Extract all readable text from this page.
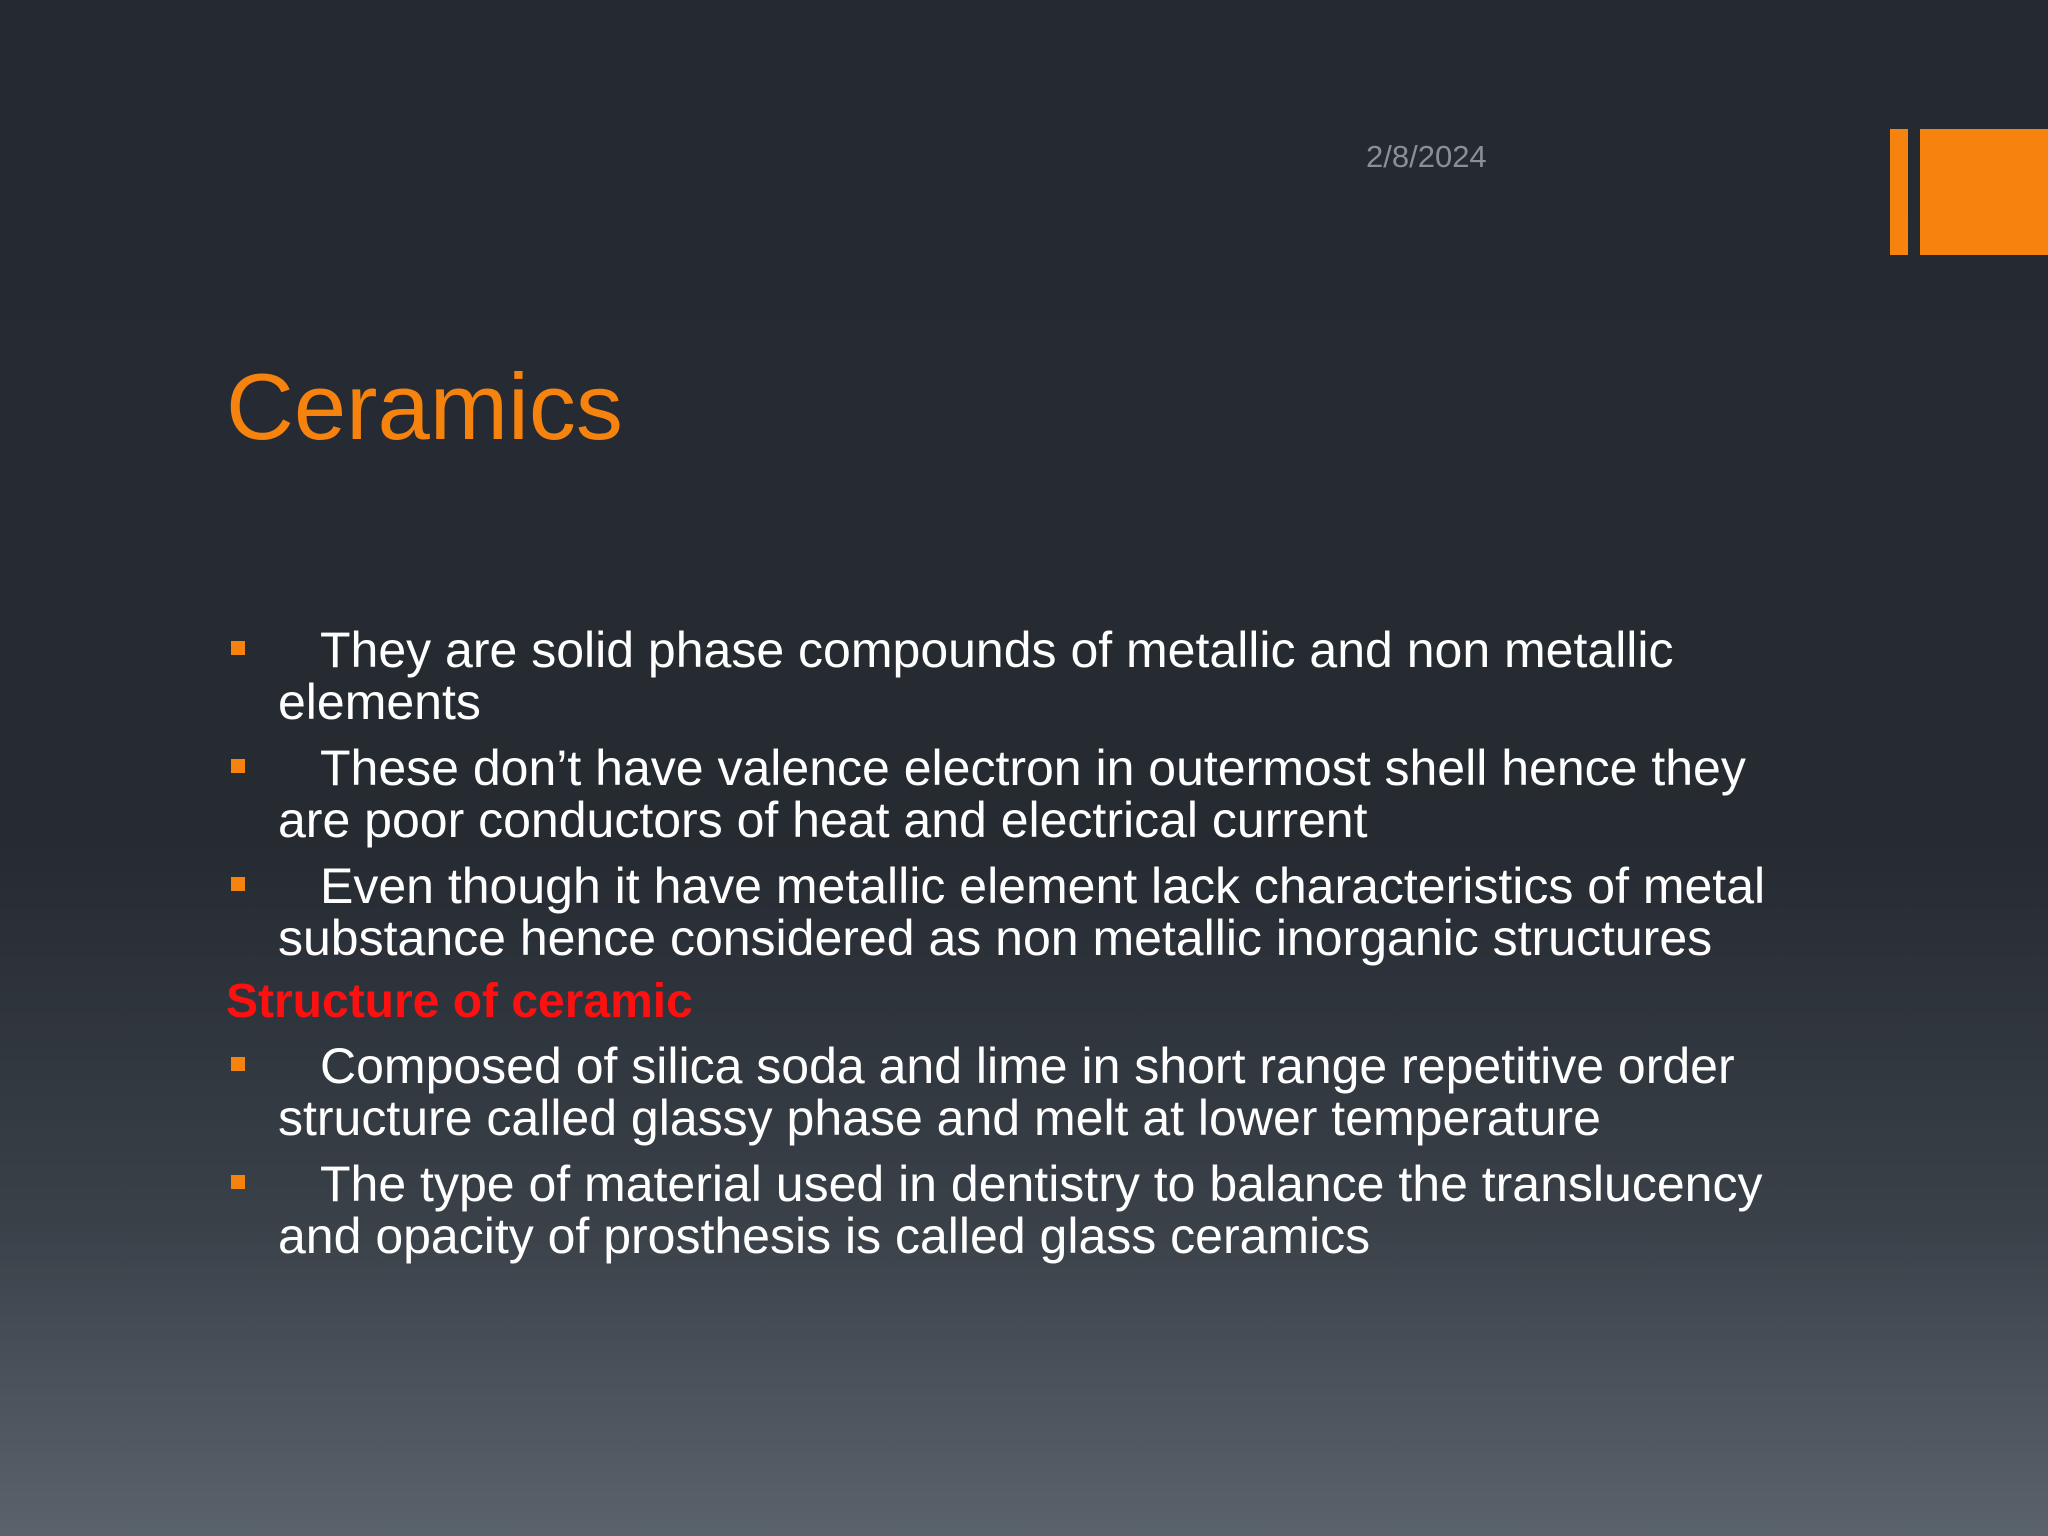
2/8/2024
Ceramics
They are solid phase compounds of metallic and non metallic elements
These don’t have valence electron in outermost shell hence they are poor conductors of heat and electrical current
Even though it have metallic element lack characteristics of metal substance hence considered as non metallic inorganic structures
Structure of ceramic
Composed of silica soda and lime in short range repetitive order structure called glassy phase and melt at lower temperature
The type of material used in dentistry to balance the translucency and opacity of prosthesis is called glass ceramics
